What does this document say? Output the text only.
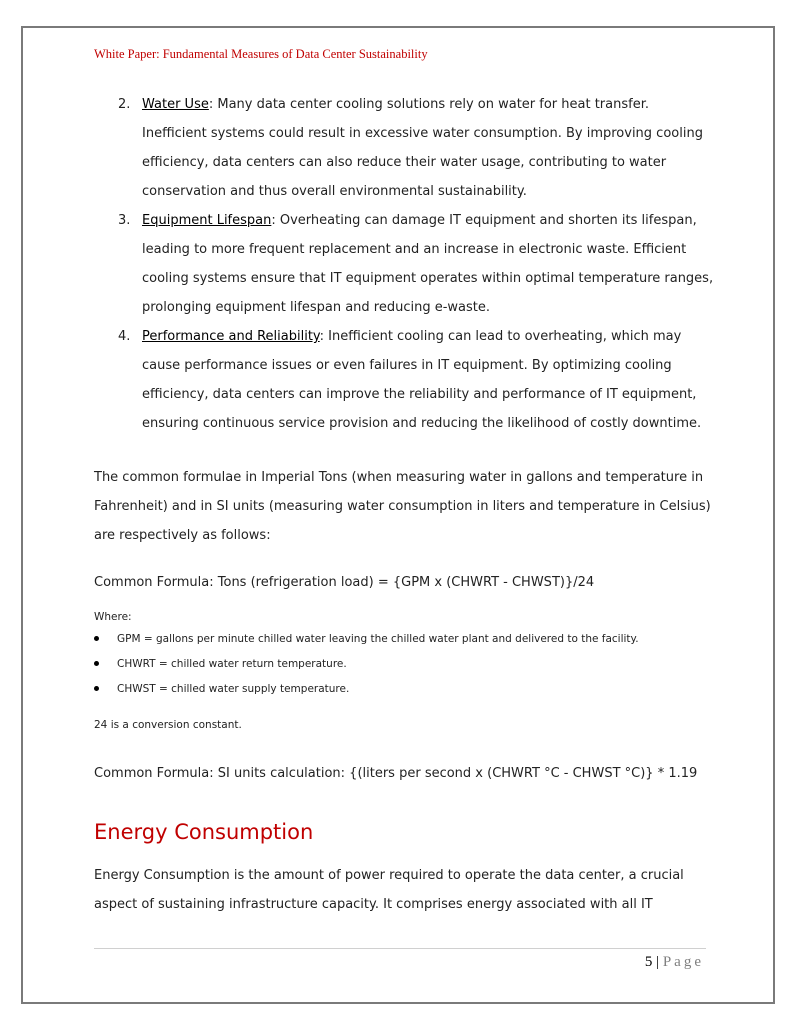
White Paper: Fundamental Measures of Data Center Sustainability
2. Water Use: Many data center cooling solutions rely on water for heat transfer. Inefficient systems could result in excessive water consumption. By improving cooling efficiency, data centers can also reduce their water usage, contributing to water conservation and thus overall environmental sustainability.
3. Equipment Lifespan: Overheating can damage IT equipment and shorten its lifespan, leading to more frequent replacement and an increase in electronic waste. Efficient cooling systems ensure that IT equipment operates within optimal temperature ranges, prolonging equipment lifespan and reducing e-waste.
4. Performance and Reliability: Inefficient cooling can lead to overheating, which may cause performance issues or even failures in IT equipment. By optimizing cooling efficiency, data centers can improve the reliability and performance of IT equipment, ensuring continuous service provision and reducing the likelihood of costly downtime.
The common formulae in Imperial Tons (when measuring water in gallons and temperature in Fahrenheit) and in SI units (measuring water consumption in liters and temperature in Celsius) are respectively as follows:
Common Formula: Tons (refrigeration load) = {GPM x (CHWRT - CHWST)}/24
Where:
GPM = gallons per minute chilled water leaving the chilled water plant and delivered to the facility.
CHWRT = chilled water return temperature.
CHWST = chilled water supply temperature.
24 is a conversion constant.
Common Formula: SI units calculation: {(liters per second x (CHWRT °C - CHWST °C)} * 1.19
Energy Consumption
Energy Consumption is the amount of power required to operate the data center, a crucial aspect of sustaining infrastructure capacity. It comprises energy associated with all IT
5 | Page
